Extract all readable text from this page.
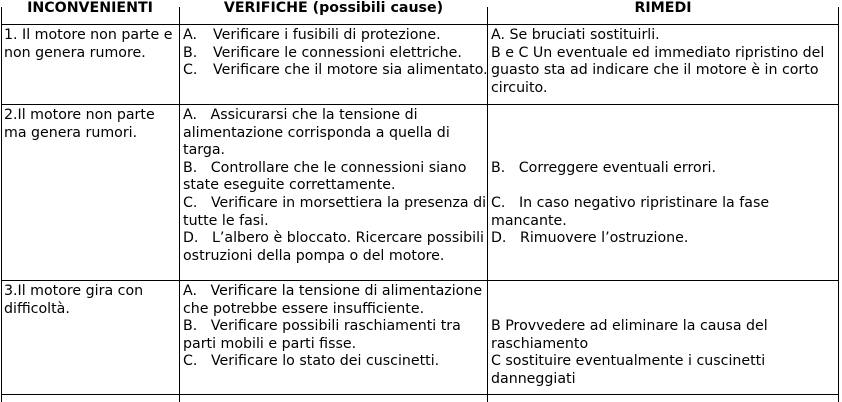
INCONVENIENTI	VERIFICHE (possibili cause)	RIMEDI
1. Il motore non parte e
non genera rumore.
A. Verificare i fusibili di protezione.
B. Verificare le connessioni elettriche.
C. Verificare che il motore sia alimentato.
A. Se bruciati sostituirli.
B e C Un eventuale ed immediato ripristino del
guasto sta ad indicare che il motore è in corto
circuito.
2.Il motore non parte
ma genera rumori.
A.   Assicurarsi che la tensione di
alimentazione corrisponda a quella di
targa.
B.   Controllare che le connessioni siano
state eseguite correttamente.
C.   Verificare in morsettiera la presenza di
tutte le fasi.
D.   L’albero è bloccato. Ricercare possibili
ostruzioni della pompa o del motore.
B.   Correggere eventuali errori.
C.   In caso negativo ripristinare la fase
mancante.
D.   Rimuovere l’ostruzione.
3.Il motore gira con
difficoltà.
A.   Verificare la tensione di alimentazione
che potrebbe essere insufficiente.
B.   Verificare possibili raschiamenti tra
parti mobili e parti fisse.
C.   Verificare lo stato dei cuscinetti.
B Provvedere ad eliminare la causa del
raschiamento
C sostituire eventualmente i cuscinetti
danneggiati
